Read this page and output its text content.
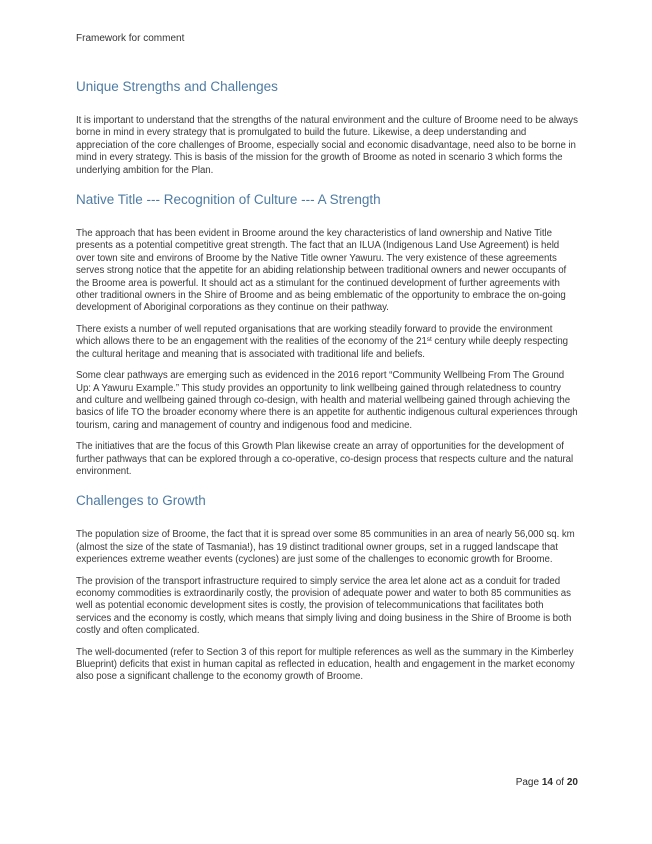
Framework for comment
Unique Strengths and Challenges

It is important to understand that the strengths of the natural environment and the culture of Broome need to be always borne in mind in every strategy that is promulgated to build the future. Likewise, a deep understanding and appreciation of the core challenges of Broome, especially social and economic disadvantage, need also to be borne in mind in every strategy. This is basis of the mission for the growth of Broome as noted in scenario 3 which forms the underlying ambition for the Plan.

Native Title --- Recognition of Culture --- A Strength

The approach that has been evident in Broome around the key characteristics of land ownership and Native Title presents as a potential competitive great strength. The fact that an ILUA (Indigenous Land Use Agreement) is held over town site and environs of Broome by the Native Title owner Yawuru. The very existence of these agreements serves strong notice that the appetite for an abiding relationship between traditional owners and newer occupants of the Broome area is powerful. It should act as a stimulant for the continued development of further agreements with other traditional owners in the Shire of Broome and as being emblematic of the opportunity to embrace the on-going development of Aboriginal corporations as they continue on their pathway.

There exists a number of well reputed organisations that are working steadily forward to provide the environment which allows there to be an engagement with the realities of the economy of the 21st century while deeply respecting the cultural heritage and meaning that is associated with traditional life and beliefs.

Some clear pathways are emerging such as evidenced in the 2016 report “Community Wellbeing From The Ground Up: A Yawuru Example.” This study provides an opportunity to link wellbeing gained through relatedness to country and culture and wellbeing gained through co-design, with health and material wellbeing gained through achieving the basics of life TO the broader economy where there is an appetite for authentic indigenous cultural experiences through tourism, caring and management of country and indigenous food and medicine.

The initiatives that are the focus of this Growth Plan likewise create an array of opportunities for the development of further pathways that can be explored through a co-operative, co-design process that respects culture and the natural environment.

Challenges to Growth

The population size of Broome, the fact that it is spread over some 85 communities in an area of nearly 56,000 sq. km (almost the size of the state of Tasmania!), has 19 distinct traditional owner groups, set in a rugged landscape that experiences extreme weather events (cyclones) are just some of the challenges to economic growth for Broome.

The provision of the transport infrastructure required to simply service the area let alone act as a conduit for traded economy commodities is extraordinarily costly, the provision of adequate power and water to both 85 communities as well as potential economic development sites is costly, the provision of telecommunications that facilitates both services and the economy is costly, which means that simply living and doing business in the Shire of Broome is both costly and often complicated.

The well-documented (refer to Section 3 of this report for multiple references as well as the summary in the Kimberley Blueprint) deficits that exist in human capital as reflected in education, health and engagement in the market economy also pose a significant challenge to the economy growth of Broome.

Page 14 of 20
